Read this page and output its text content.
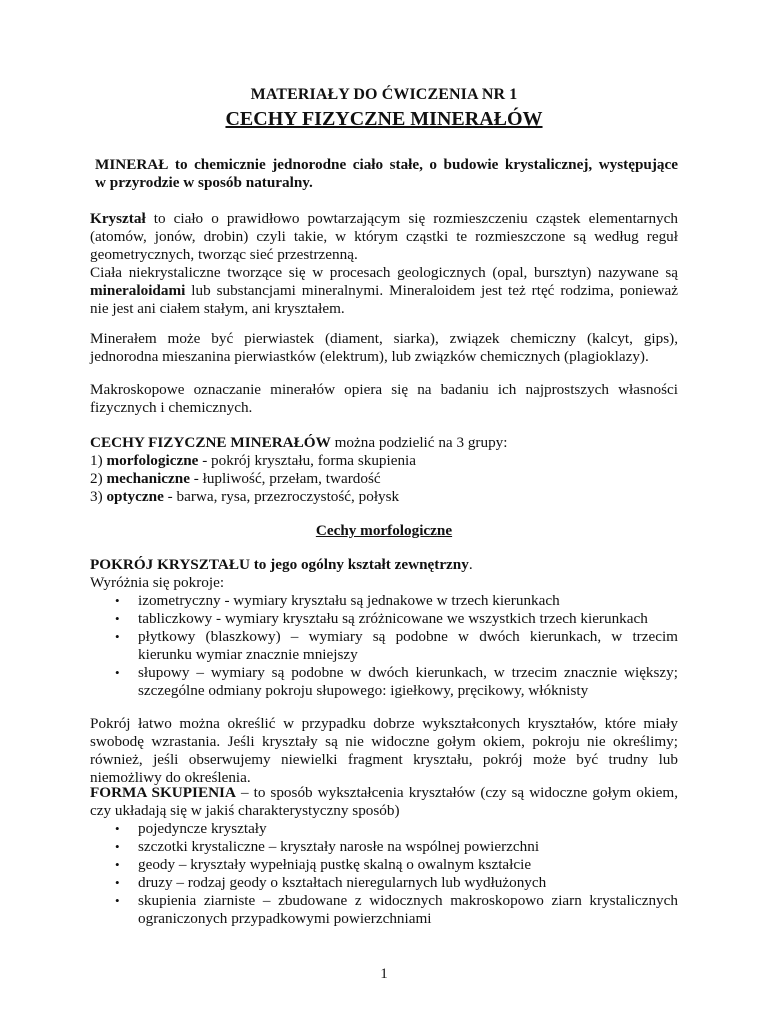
MATERIAŁY DO ĆWICZENIA NR 1
CECHY FIZYCZNE MINERAŁÓW
MINERAŁ to chemicznie jednorodne ciało stałe, o budowie krystalicznej, występujące
w przyrodzie w sposób naturalny.
Kryształ to ciało o prawidłowo powtarzającym się rozmieszczeniu cząstek elementarnych
(atomów, jonów, drobin) czyli takie, w którym cząstki te rozmieszczone są według reguł
geometrycznych, tworząc sieć przestrzenną.
Ciała niekrystaliczne tworzące się w procesach geologicznych (opal, bursztyn) nazywane są
mineraloidami lub substancjami mineralnymi. Mineraloidem jest też rtęć rodzima, ponieważ
nie jest ani ciałem stałym, ani kryształem.
Minerałem może być pierwiastek (diament, siarka), związek chemiczny (kalcyt, gips),
jednorodna mieszanina pierwiastków (elektrum), lub związków chemicznych (plagioklazy).
Makroskopowe oznaczanie minerałów opiera się na badaniu ich najprostszych własności
fizycznych i chemicznych.
CECHY FIZYCZNE MINERAŁÓW można podzielić na 3 grupy:
1) morfologiczne - pokrój kryształu, forma skupienia
2) mechaniczne - łupliwość, przełam, twardość
3) optyczne - barwa, rysa, przezroczystość, połysk
Cechy morfologiczne
POKRÓJ KRYSZTAŁU to jego ogólny kształt zewnętrzny.
Wyróżnia się pokroje:
• izometryczny - wymiary kryształu są jednakowe w trzech kierunkach
• tabliczkowy - wymiary kryształu są zróżnicowane we wszystkich trzech kierunkach
• płytkowy (blaszkowy) – wymiary są podobne w dwóch kierunkach, w trzecim
kierunku wymiar znacznie mniejszy
• słupowy – wymiary są podobne w dwóch kierunkach, w trzecim znacznie większy;
szczególne odmiany pokroju słupowego: igiełkowy, pręcikowy, włóknisty
Pokrój łatwo można określić w przypadku dobrze wykształconych kryształów, które miały
swobodę wzrastania. Jeśli kryształy są nie widoczne gołym okiem, pokroju nie określimy;
również, jeśli obserwujemy niewielki fragment kryształu, pokrój może być trudny lub
niemożliwy do określenia.
FORMA SKUPIENIA – to sposób wykształcenia kryształów (czy są widoczne gołym okiem,
czy układają się w jakiś charakterystyczny sposób)
• pojedyncze kryształy
• szczotki krystaliczne – kryształy narosłe na wspólnej powierzchni
• geody – kryształy wypełniają pustkę skalną o owalnym kształcie
• druzy – rodzaj geody o kształtach nieregularnych lub wydłużonych
• skupienia ziarniste – zbudowane z widocznych makroskopowo ziarn krystalicznych
ograniczonych przypadkowymi powierzchniami
1
